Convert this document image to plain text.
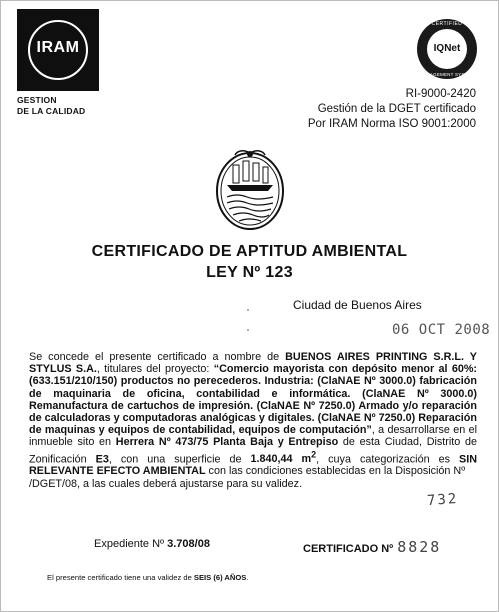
IRAM
GESTION
DE LA CALIDAD
CERTIFIED
IQNet
MANAGEMENT SYSTEM
RI-9000-2420
Gestión de la DGET certificado
Por IRAM Norma ISO 9001:2000
CERTIFICADO DE APTITUD AMBIENTAL
LEY Nº 123
Ciudad de Buenos Aires
06 OCT 2008
Se concede el presente certificado a nombre de BUENOS AIRES PRINTING S.R.L. Y STYLUS S.A., titulares del proyecto: “Comercio mayorista con depósito menor al 60%: (633.151/210/150) productos no perecederos. Industria: (ClaNAE Nº 3000.0) fabricación de maquinaria de oficina, contabilidad e informática. (ClaNAE Nº 3000.0) Remanufactura de cartuchos de impresión. (ClaNAE Nº 7250.0) Armado y/o reparación de calculadoras y computadoras analógicas y digitales. (ClaNAE Nº 7250.0) Reparación de maquinas y equipos de contabilidad, equipos de computación”, a desarrollarse en el inmueble sito en Herrera Nº 473/75 Planta Baja y Entrepiso de esta Ciudad, Distrito de Zonificación E3, con una superficie de 1.840,44 $m^2$, cuya categorización es SIN RELEVANTE EFECTO AMBIENTAL con las condiciones establecidas en la Disposición Nº
/DGET/08, a las cuales deberá ajustarse para su validez.
732
Expediente Nº 3.708/08	CERTIFICADO Nº 8828
El presente certificado tiene una validez de SEIS (6) AÑOS.
